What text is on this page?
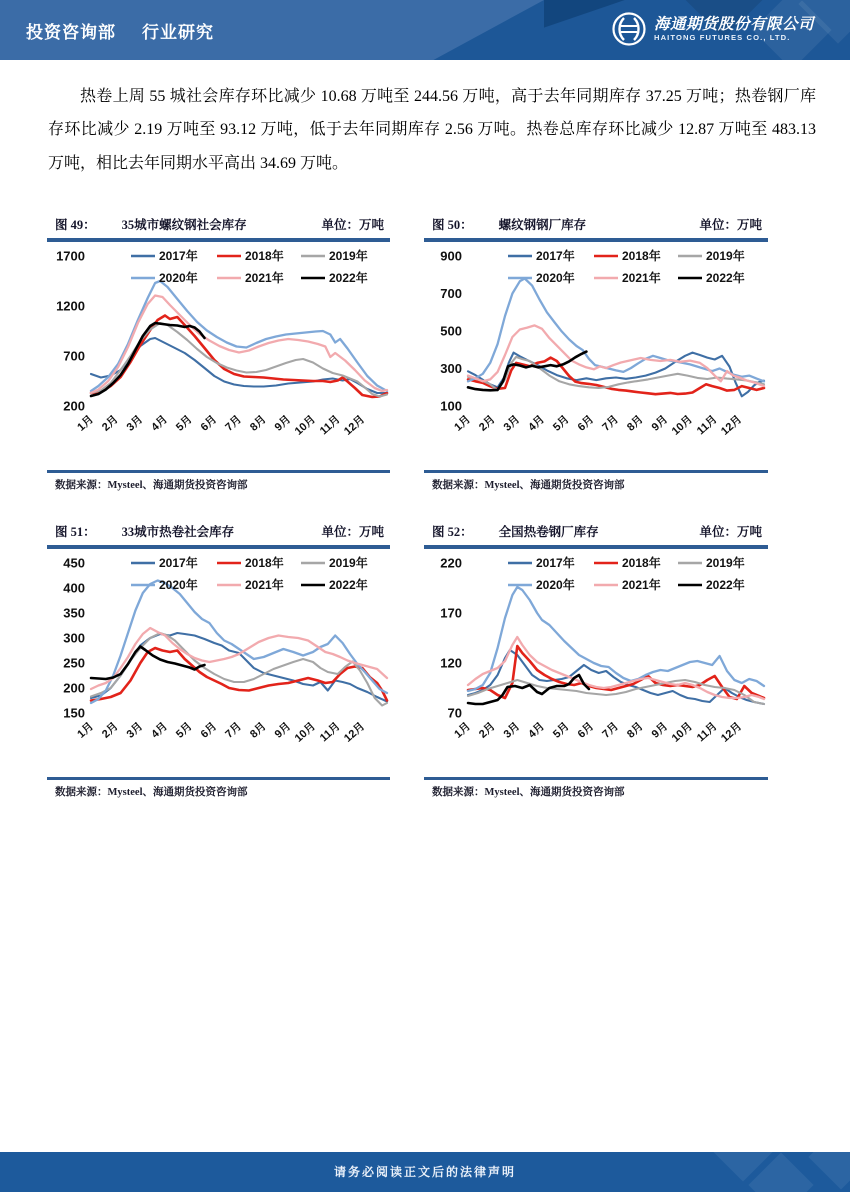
投资咨询部 行业研究	海通期货股份有限公司
HAITONG FUTURES CO., LTD.

热卷上周 55 城社会库存环比减少 10.68 万吨至 244.56 万吨，高于去年同期库存 37.25 万吨；热卷钢厂库存环比减少 2.19 万吨至 93.12 万吨，低于去年同期库存 2.56 万吨。热卷总库存环比减少 12.87 万吨至 483.13 万吨，相比去年同期水平高出 34.69 万吨。

图 49： 35城市螺纹钢社会库存	单位：万吨
1700
1200
700
200
1月 2月 3月 4月 5月 6月 7月 8月 9月 10月 11月 12月
2017年	2018年	2019年
2020年	2021年	2022年
数据来源：Mysteel、海通期货投资咨询部
图 50： 螺纹钢钢厂库存	单位：万吨
900
700
500
300
100
1月 2月 3月 4月 5月 6月 7月 8月 9月 10月 11月 12月
2017年	2018年	2019年
2020年	2021年	2022年
数据来源：Mysteel、海通期货投资咨询部
图 51： 33城市热卷社会库存	单位：万吨
450
400
350
300
250
200
150
1月 2月 3月 4月 5月 6月 7月 8月 9月 10月 11月 12月
2017年	2018年	2019年
2020年	2021年	2022年
数据来源：Mysteel、海通期货投资咨询部
图 52： 全国热卷钢厂库存	单位：万吨
220
170
120
70
1月 2月 3月 4月 5月 6月 7月 8月 9月 10月 11月 12月
2017年	2018年	2019年
2020年	2021年	2022年
数据来源：Mysteel、海通期货投资咨询部
请务必阅读正文后的法律声明
